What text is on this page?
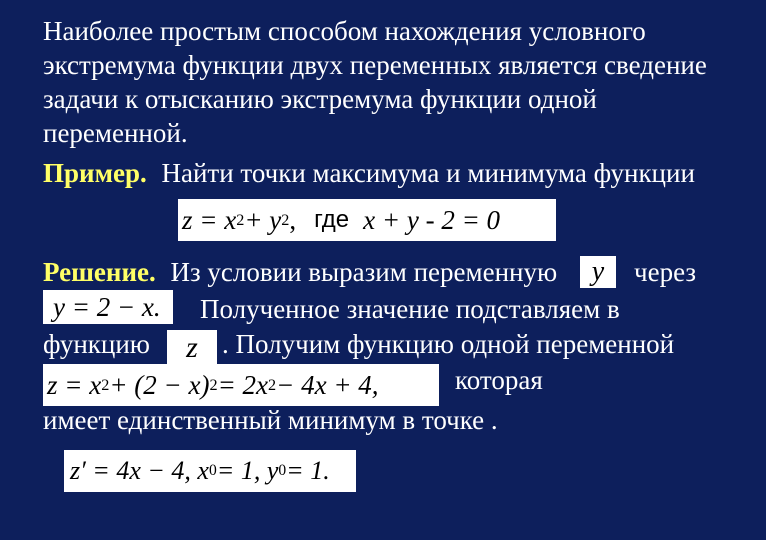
Наиболее простым способом нахождения условного
экстремума функции двух переменных является сведение
задачи к отысканию экстремума функции одной
переменной.
Пример. Найти точки максимума и минимума функции
z = x 2 + y 2 , где x + y - 2 = 0
Решение. Из условии выразим переменную y через
y = 2 − x. Полученное значение подставляем в
функцию z . Получим функцию одной переменной
z = x 2 + (2 − x) 2 = 2x 2 − 4x + 4,	которая
имеет единственный минимум в точке .
z′ = 4x − 4, x 0 = 1, y 0 = 1.
